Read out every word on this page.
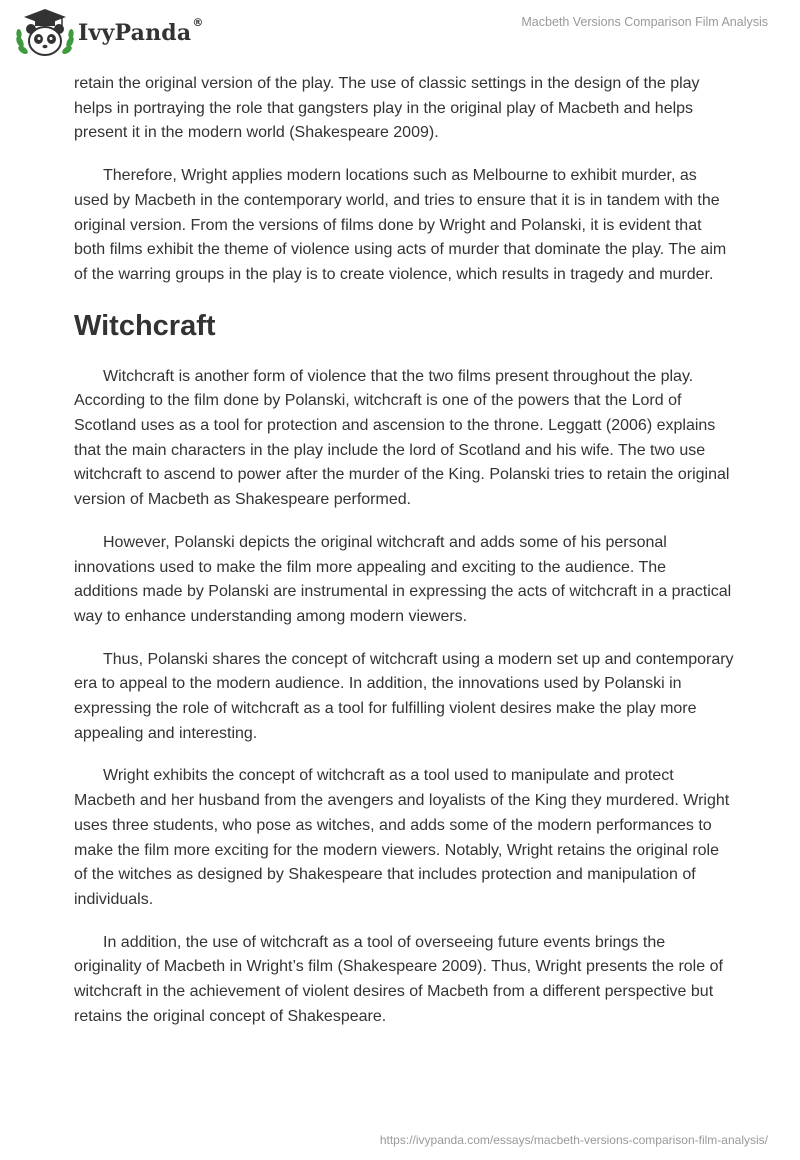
IvyPanda®	Macbeth Versions Comparison Film Analysis

retain the original version of the play. The use of classic settings in the design of the play helps in portraying the role that gangsters play in the original play of Macbeth and helps present it in the modern world (Shakespeare 2009).

Therefore, Wright applies modern locations such as Melbourne to exhibit murder, as used by Macbeth in the contemporary world, and tries to ensure that it is in tandem with the original version. From the versions of films done by Wright and Polanski, it is evident that both films exhibit the theme of violence using acts of murder that dominate the play. The aim of the warring groups in the play is to create violence, which results in tragedy and murder.

Witchcraft

Witchcraft is another form of violence that the two films present throughout the play. According to the film done by Polanski, witchcraft is one of the powers that the Lord of Scotland uses as a tool for protection and ascension to the throne. Leggatt (2006) explains that the main characters in the play include the lord of Scotland and his wife. The two use witchcraft to ascend to power after the murder of the King. Polanski tries to retain the original version of Macbeth as Shakespeare performed.

However, Polanski depicts the original witchcraft and adds some of his personal innovations used to make the film more appealing and exciting to the audience. The additions made by Polanski are instrumental in expressing the acts of witchcraft in a practical way to enhance understanding among modern viewers.

Thus, Polanski shares the concept of witchcraft using a modern set up and contemporary era to appeal to the modern audience. In addition, the innovations used by Polanski in expressing the role of witchcraft as a tool for fulfilling violent desires make the play more appealing and interesting.

Wright exhibits the concept of witchcraft as a tool used to manipulate and protect Macbeth and her husband from the avengers and loyalists of the King they murdered. Wright uses three students, who pose as witches, and adds some of the modern performances to make the film more exciting for the modern viewers. Notably, Wright retains the original role of the witches as designed by Shakespeare that includes protection and manipulation of individuals.

In addition, the use of witchcraft as a tool of overseeing future events brings the originality of Macbeth in Wright’s film (Shakespeare 2009). Thus, Wright presents the role of witchcraft in the achievement of violent desires of Macbeth from a different perspective but retains the original concept of Shakespeare.

https://ivypanda.com/essays/macbeth-versions-comparison-film-analysis/
